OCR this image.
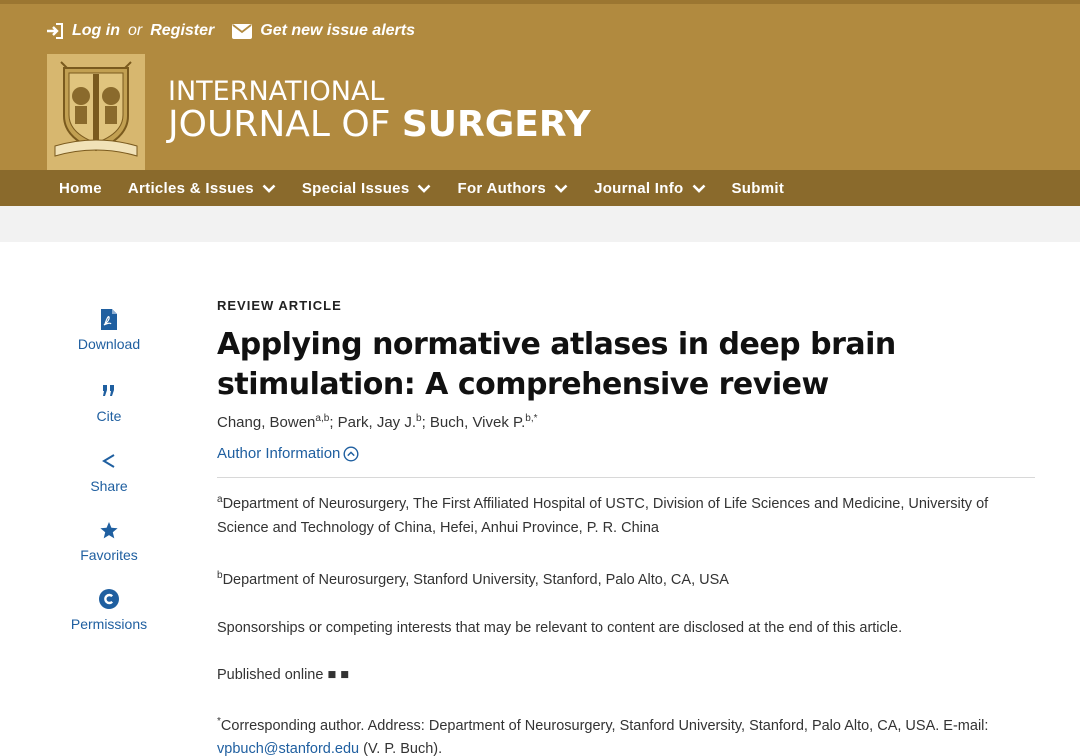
Log in or Register	Get new issue alerts
INTERNATIONAL
JOURNAL OF SURGERY
Home Articles & Issues	Special Issues	For Authors	Journal Info	Submit
Download
Cite
Share
Favorites
Permissions
REVIEW ARTICLE
Applying normative atlases in deep brain stimulation: A comprehensive review
Chang, Bowen$^{a,b}$; Park, Jay J.$^b$; Buch, Vivek P.$^{b,*}$
Author Information

$^a$Department of Neurosurgery, The First Affiliated Hospital of USTC, Division of Life Sciences and Medicine, University of Science and Technology of China, Hefei, Anhui Province, P. R. China

$^b$Department of Neurosurgery, Stanford University, Stanford, Palo Alto, CA, USA

Sponsorships or competing interests that may be relevant to content are disclosed at the end of this article.

Published online ■ ■

*Corresponding author. Address: Department of Neurosurgery, Stanford University, Stanford, Palo Alto, CA, USA. E-mail: vpbuch@stanford.edu (V. P. Buch).
